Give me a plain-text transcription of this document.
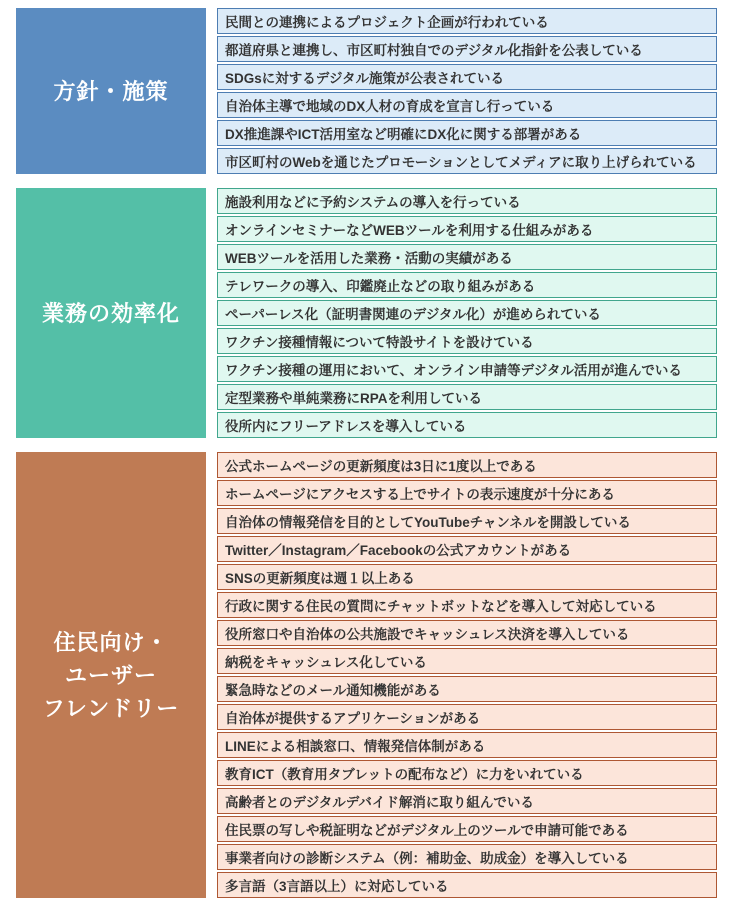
方針・施策
民間との連携によるプロジェクト企画が行われている
都道府県と連携し、市区町村独自でのデジタル化指針を公表している
SDGsに対するデジタル施策が公表されている
自治体主導で地域のDX人材の育成を宣言し行っている
DX推進課やICT活用室など明確にDX化に関する部署がある
市区町村のWebを通じたプロモーションとしてメディアに取り上げられている
業務の効率化
施設利用などに予約システムの導入を行っている
オンラインセミナーなどWEBツールを利用する仕組みがある
WEBツールを活用した業務・活動の実績がある
テレワークの導入、印鑑廃止などの取り組みがある
ペーパーレス化（証明書関連のデジタル化）が進められている
ワクチン接種情報について特設サイトを設けている
ワクチン接種の運用において、オンライン申請等デジタル活用が進んでいる
定型業務や単純業務にRPAを利用している
役所内にフリーアドレスを導入している
住民向け・
ユーザー
フレンドリー
公式ホームページの更新頻度は3日に1度以上である
ホームページにアクセスする上でサイトの表示速度が十分にある
自治体の情報発信を目的としてYouTubeチャンネルを開設している
Twitter／Instagram／Facebookの公式アカウントがある
SNSの更新頻度は週１以上ある
行政に関する住民の質問にチャットボットなどを導入して対応している
役所窓口や自治体の公共施設でキャッシュレス決済を導入している
納税をキャッシュレス化している
緊急時などのメール通知機能がある
自治体が提供するアプリケーションがある
LINEによる相談窓口、情報発信体制がある
教育ICT（教育用タブレットの配布など）に力をいれている
高齢者とのデジタルデバイド解消に取り組んでいる
住民票の写しや税証明などがデジタル上のツールで申請可能である
事業者向けの診断システム（例：補助金、助成金）を導入している
多言語（3言語以上）に対応している
